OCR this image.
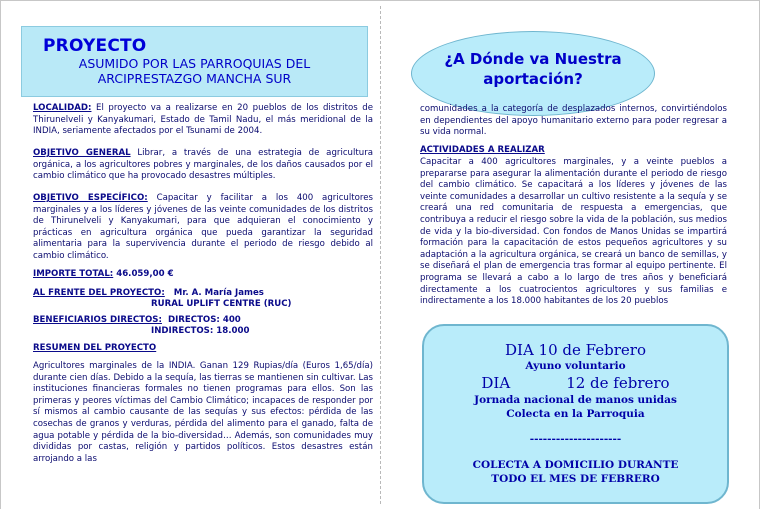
PROYECTO
ASUMIDO POR LAS PARROQUIAS DEL
ARCIPRESTAZGO MANCHA SUR
LOCALIDAD: El proyecto va a realizarse en 20 pueblos de los distritos de Thirunelveli y Kanyakumari, Estado de Tamil Nadu, el más meridional de la INDIA, seriamente afectados por el Tsunami de 2004.
OBJETIVO GENERAL Librar, a través de una estrategia de agricultura orgánica, a los agricultores pobres y marginales, de los daños causados por el cambio climático que ha provocado desastres múltiples.
OBJETIVO ESPECÍFICO: Capacitar y facilitar a los 400 agricultores marginales y a los líderes y jóvenes de las veinte comunidades de los distritos de Thirunelveli y Kanyakumari, para que adquieran el conocimiento y prácticas en agricultura orgánica que pueda garantizar la seguridad alimentaria para la supervivencia durante el periodo de riesgo debido al cambio climático.
IMPORTE TOTAL: 46.059,00 €
AL FRENTE DEL PROYECTO: Mr. A. María James
RURAL UPLIFT CENTRE (RUC)
BENEFICIARIOS DIRECTOS: DIRECTOS: 400
INDIRECTOS: 18.000
RESUMEN DEL PROYECTO
Agricultores marginales de la INDIA. Ganan 129 Rupias/día (Euros 1,65/día) durante cien días. Debido a la sequía, las tierras se mantienen sin cultivar. Las instituciones financieras formales no tienen programas para ellos. Son las primeras y peores víctimas del Cambio Climático; incapaces de responder por sí mismos al cambio causante de las sequías y sus efectos: pérdida de las cosechas de granos y verduras, pérdida del alimento para el ganado, falta de agua potable y pérdida de la bio-diversidad… Además, son comunidades muy divididas por castas, religión y partidos políticos. Estos desastres están arrojando a las
¿A Dónde va Nuestra
aportación?
comunidades a la categoría de desplazados internos, convirtiéndolos en dependientes del apoyo humanitario externo para poder regresar a su vida normal.
ACTIVIDADES A REALIZAR
Capacitar a 400 agricultores marginales, y a veinte pueblos a prepararse para asegurar la alimentación durante el periodo de riesgo del cambio climático. Se capacitará a los líderes y jóvenes de las veinte comunidades a desarrollar un cultivo resistente a la sequía y se creará una red comunitaria de respuesta a emergencias, que contribuya a reducir el riesgo sobre la vida de la población, sus medios de vida y la bio-diversidad. Con fondos de Manos Unidas se impartirá formación para la capacitación de estos pequeños agricultores y su adaptación a la agricultura orgánica, se creará un banco de semillas, y se diseñará el plan de emergencia tras formar al equipo pertinente. El programa se llevará a cabo a lo largo de tres años y beneficiará directamente a los cuatrocientos agricultores y sus familias e indirectamente a los 18.000 habitantes de los 20 pueblos
DIA 10 de Febrero
Ayuno voluntario
DIA	12 de febrero
Jornada nacional de manos unidas
Colecta en la Parroquia
---------------------
COLECTA A DOMICILIO DURANTE
TODO EL MES DE FEBRERO
